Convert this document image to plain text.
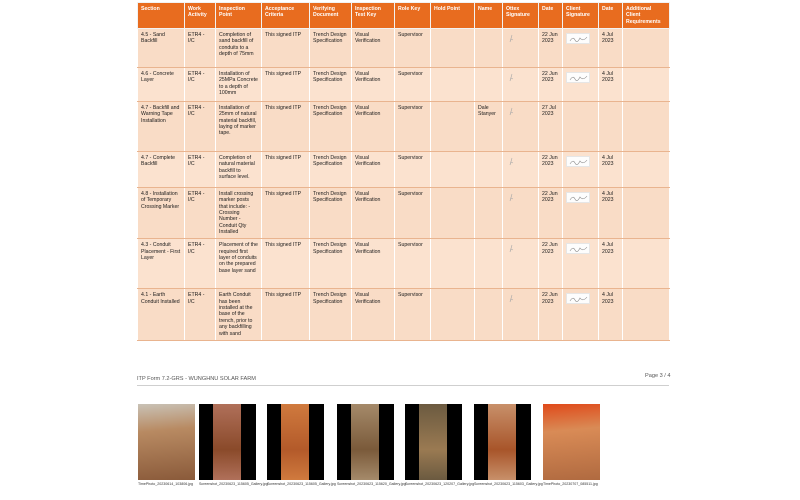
Section	Work Activity	Inspection Point	Acceptance Criteria	Verifying Document	Inspection Test Key	Role Key	Hold Point	Name	Ottex Signature	Date	Client Signature	Date	Additional Client Requirements
4.5 - Sand Backfill	ETR4 - I/C	Completion of sand backfill of conduits to a depth of 75mm	This signed ITP	Trench Design Specification	Visual Verification	Supervisor				22 Jun 2023		4 Jul 2023	
4.6 - Concrete Layer	ETR4 - I/C	Installation of 25MPa Concrete to a depth of 100mm	This signed ITP	Trench Design Specification	Visual Verification	Supervisor				22 Jun 2023		4 Jul 2023	
4.7 - Backfill and Warning Tape Installation	ETR4 - I/C	Installation of 25mm of natural material backfill, laying of marker tape.	This signed ITP	Trench Design Specification	Visual Verification	Supervisor		Dale Stanyer		27 Jul 2023			
4.7 - Complete Backfill	ETR4 - I/C	Completion of natural material backfill to surface level.	This signed ITP	Trench Design Specification	Visual Verification	Supervisor				22 Jun 2023		4 Jul 2023	
4.8 - Installation of Temporary Crossing Marker	ETR4 - I/C	Install crossing marker posts that include: -Crossing Number -Conduit Qty Installed	This signed ITP	Trench Design Specification	Visual Verification	Supervisor				22 Jun 2023		4 Jul 2023	
4.3 - Conduit Placement - First Layer	ETR4 - I/C	Placement of the required first layer of conduits on the prepared base layer sand	This signed ITP	Trench Design Specification	Visual Verification	Supervisor				22 Jun 2023		4 Jul 2023	
4.1 - Earth Conduit Installed	ETR4 - I/C	Earth Conduit has been installed at the base of the trench, prior to any backfilling with sand	This signed ITP	Trench Design Specification	Visual Verification	Supervisor				22 Jun 2023		4 Jul 2023	
ITP Form 7.2-GRS - WUNGHNU SOLAR FARM	Page 3 / 4
TimePhoto_20230614_103806.jpg Screenshot_20230623_115605_Gallery.jpg Screenshot_20230623_115605_Gallery.jpg Screenshot_20230623_115620_Gallery.jpg Screenshot_20230623_120207_Gallery.jpg Screenshot_20230623_115603_Gallery.jpg TimePhoto_20230707_085511.jpg
